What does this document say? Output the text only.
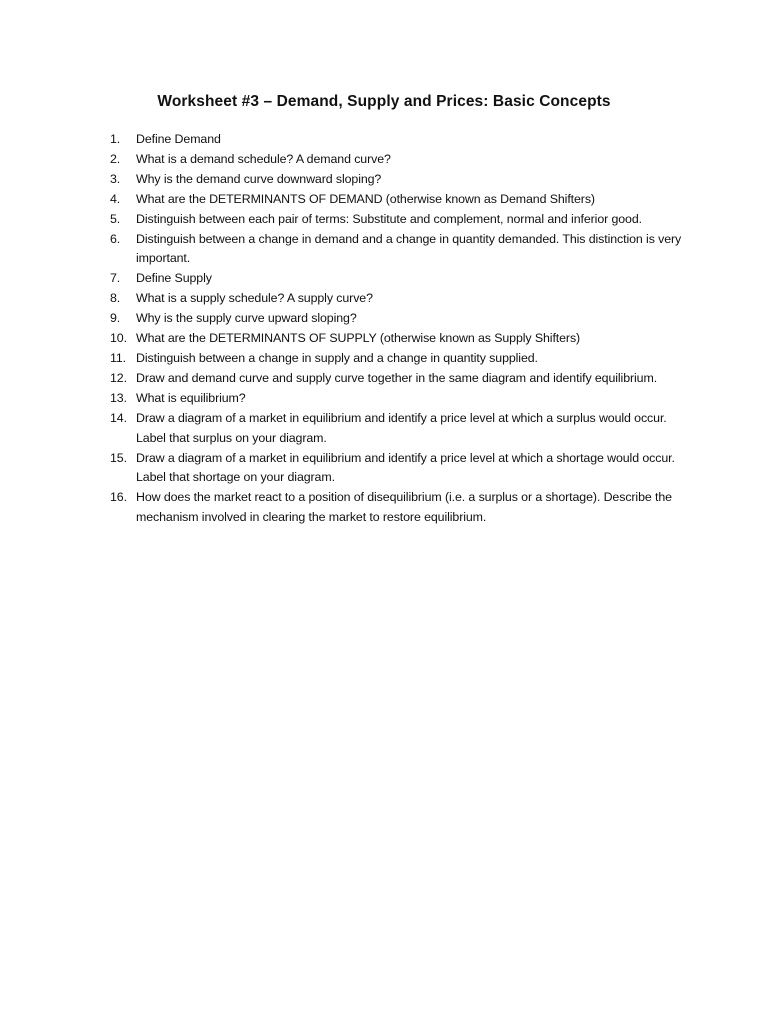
Worksheet #3 – Demand, Supply and Prices: Basic Concepts
1.	Define Demand
2.	What is a demand schedule? A demand curve?
3.	Why is the demand curve downward sloping?
4.	What are the DETERMINANTS OF DEMAND (otherwise known as Demand Shifters)
5.	Distinguish between each pair of terms: Substitute and complement, normal and inferior good.
6.	Distinguish between a change in demand and a change in quantity demanded. This distinction is very important.
7.	Define Supply
8.	What is a supply schedule? A supply curve?
9.	Why is the supply curve upward sloping?
10. What are the DETERMINANTS OF SUPPLY (otherwise known as Supply Shifters)
11. Distinguish between a change in supply and a change in quantity supplied.
12. Draw and demand curve and supply curve together in the same diagram and identify equilibrium.
13. What is equilibrium?
14. Draw a diagram of a market in equilibrium and identify a price level at which a surplus would occur. Label that surplus on your diagram.
15. Draw a diagram of a market in equilibrium and identify a price level at which a shortage would occur. Label that shortage on your diagram.
16. How does the market react to a position of disequilibrium (i.e. a surplus or a shortage). Describe the mechanism involved in clearing the market to restore equilibrium.
